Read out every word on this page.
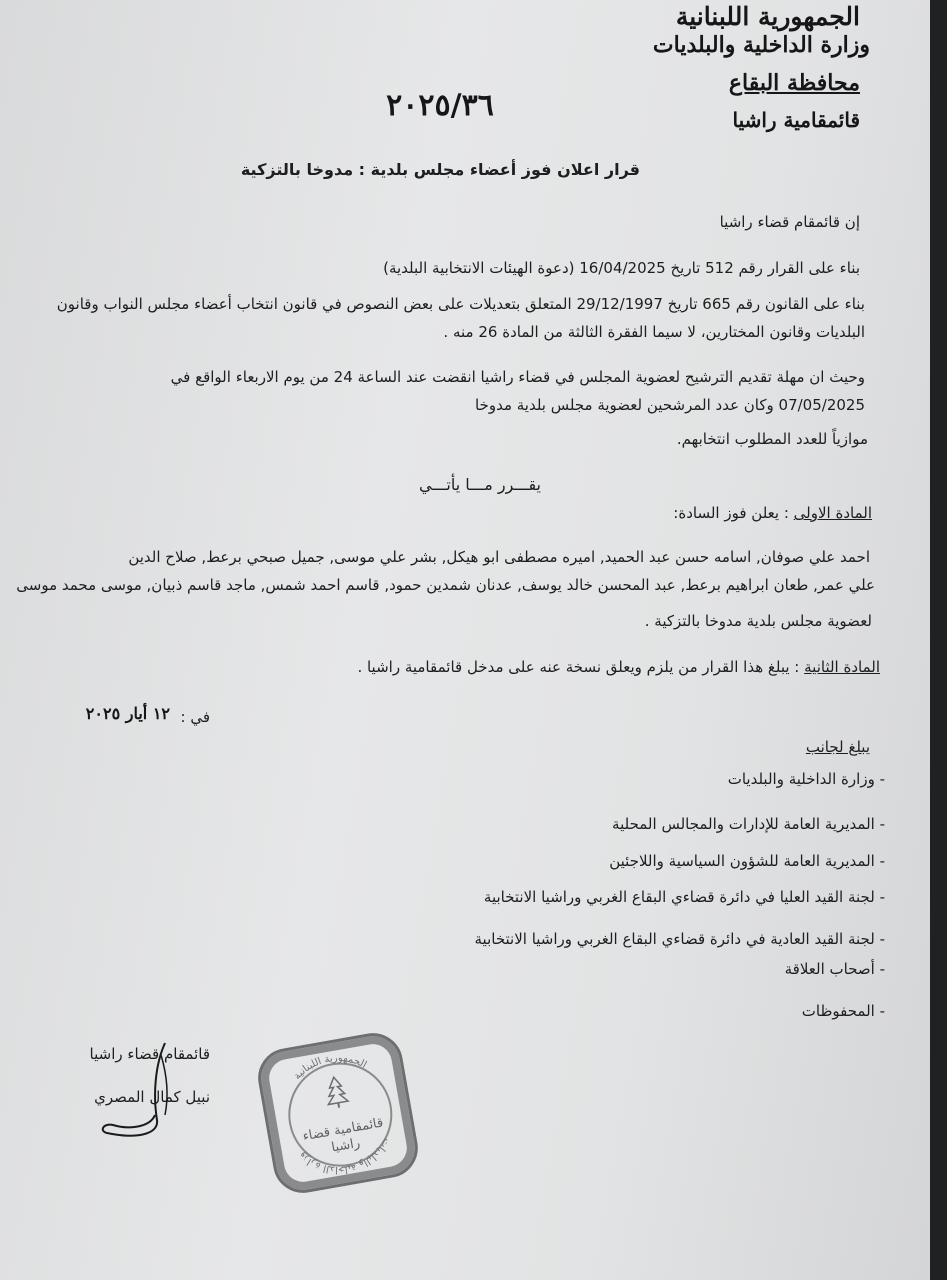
الجمهورية اللبنانية
وزارة الداخلية والبلديات
محافظة البقاع
قائمقامية راشيا
٢٠٢٥/٣٦
قرار اعلان فوز أعضاء مجلس بلدية : مدوخا بالتزكية
إن قائمقام قضاء راشيا
بناء على القرار رقم 512 تاريخ 16/04/2025 (دعوة الهيئات الانتخابية البلدية)
بناء على القانون رقم 665 تاريخ 29/12/1997 المتعلق بتعديلات على بعض النصوص في قانون انتخاب أعضاء مجلس النواب وقانون
البلديات وقانون المختارين، لا سيما الفقرة الثالثة من المادة 26 منه .
وحيث ان مهلة تقديم الترشيح لعضوية المجلس في قضاء راشيا انقضت عند الساعة 24 من يوم الاربعاء الواقع في
07/05/2025 وكان عدد المرشحين لعضوية مجلس بلدية مدوخا
موازياً للعدد المطلوب انتخابهم.
يقـــرر مـــا يأتـــي
المادة الاولى : يعلن فوز السادة:
احمد علي صوفان, اسامه حسن عبد الحميد, اميره مصطفى ابو هيكل, بشر علي موسى, جميل صبحي برعط, صلاح الدين
علي عمر, طعان ابراهيم برعط, عبد المحسن خالد يوسف, عدنان شمدين حمود, قاسم احمد شمس, ماجد قاسم ذبيان, موسى محمد موسى
لعضوية مجلس بلدية مدوخا بالتزكية .
المادة الثانية : يبلغ هذا القرار من يلزم ويعلق نسخة عنه على مدخل قائمقامية راشيا .
في :
١٢ أيار ٢٠٢٥
يبلغ لجانب
- وزارة الداخلية والبلديات
- المديرية العامة للإدارات والمجالس المحلية
- المديرية العامة للشؤون السياسية واللاجئين
- لجنة القيد العليا في دائرة قضاءي البقاع الغربي وراشيا الانتخابية
- لجنة القيد العادية في دائرة قضاءي البقاع الغربي وراشيا الانتخابية
- أصحاب العلاقة
- المحفوظات
قائمقام قضاء راشيا
نبيل كمال المصري
قائمقامية قضاء راشيا
الجمهورية اللبنانية
وزارة الداخلية والبلديات
